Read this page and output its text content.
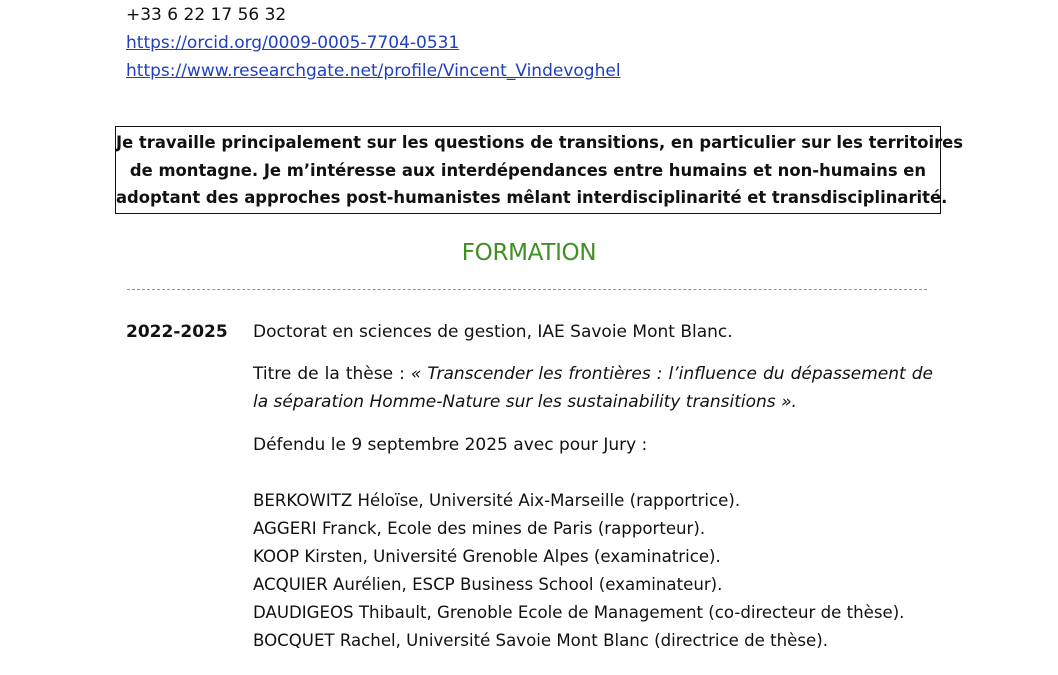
+33 6 22 17 56 32
https://orcid.org/0009-0005-7704-0531
https://www.researchgate.net/profile/Vincent_Vindevoghel
Je travaille principalement sur les questions de transitions, en particulier sur les territoires
de montagne. Je m’intéresse aux interdépendances entre humains et non-humains en
adoptant des approches post-humanistes mêlant interdisciplinarité et transdisciplinarité.
FORMATION
2022-2025 Doctorat en sciences de gestion, IAE Savoie Mont Blanc.
Titre de la thèse : « Transcender les frontières : l’influence du dépassement de la séparation Homme-Nature sur les sustainability transitions ».
Défendu le 9 septembre 2025 avec pour Jury :
BERKOWITZ Héloïse, Université Aix-Marseille (rapportrice).
AGGERI Franck, Ecole des mines de Paris (rapporteur).
KOOP Kirsten, Université Grenoble Alpes (examinatrice).
ACQUIER Aurélien, ESCP Business School (examinateur).
DAUDIGEOS Thibault, Grenoble Ecole de Management (co-directeur de thèse).
BOCQUET Rachel, Université Savoie Mont Blanc (directrice de thèse).
